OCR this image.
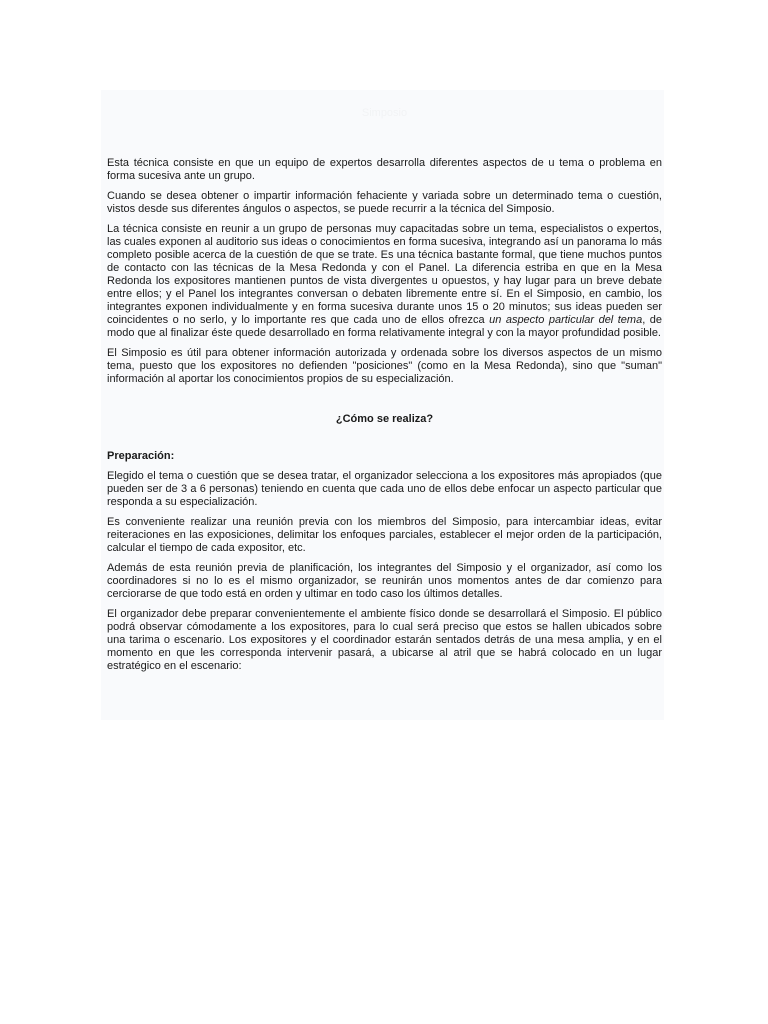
Simposio

Esta técnica consiste en que un equipo de expertos desarrolla diferentes aspectos de u tema o problema en forma sucesiva ante un grupo.

Cuando se desea obtener o impartir información fehaciente y variada sobre un determinado tema o cuestión, vistos desde sus diferentes ángulos o aspectos, se puede recurrir a la técnica del Simposio.

La técnica consiste en reunir a un grupo de personas muy capacitadas sobre un tema, especialistos o expertos, las cuales exponen al auditorio sus ideas o conocimientos en forma sucesiva, integrando así un panorama lo más completo posible acerca de la cuestión de que se trate. Es una técnica bastante formal, que tiene muchos puntos de contacto con las técnicas de la Mesa Redonda y con el Panel. La diferencia estriba en que en la Mesa Redonda los expositores mantienen puntos de vista divergentes u opuestos, y hay lugar para un breve debate entre ellos; y el Panel los integrantes conversan o debaten libremente entre sí. En el Simposio, en cambio, los integrantes exponen individualmente y en forma sucesiva durante unos 15 o 20 minutos; sus ideas pueden ser coincidentes o no serlo, y lo importante res que cada uno de ellos ofrezca un aspecto particular del tema, de modo que al finalizar éste quede desarrollado en forma relativamente integral y con la mayor profundidad posible.

El Simposio es útil para obtener información autorizada y ordenada sobre los diversos aspectos de un mismo tema, puesto que los expositores no defienden "posiciones" (como en la Mesa Redonda), sino que "suman" información al aportar los conocimientos propios de su especialización.

¿Cómo se realiza?
Preparación:

Elegido el tema o cuestión que se desea tratar, el organizador selecciona a los expositores más apropiados (que pueden ser de 3 a 6 personas) teniendo en cuenta que cada uno de ellos debe enfocar un aspecto particular que responda a su especialización.

Es conveniente realizar una reunión previa con los miembros del Simposio, para intercambiar ideas, evitar reiteraciones en las exposiciones, delimitar los enfoques parciales, establecer el mejor orden de la participación, calcular el tiempo de cada expositor, etc.

Además de esta reunión previa de planificación, los integrantes del Simposio y el organizador, así como los coordinadores si no lo es el mismo organizador, se reunirán unos momentos antes de dar comienzo para cerciorarse de que todo está en orden y ultimar en todo caso los últimos detalles.

El organizador debe preparar convenientemente el ambiente físico donde se desarrollará el Simposio. El público podrá observar cómodamente a los expositores, para lo cual será preciso que estos se hallen ubicados sobre una tarima o escenario. Los expositores y el coordinador estarán sentados detrás de una mesa amplia, y en el momento en que les corresponda intervenir pasará, a ubicarse al atril que se habrá colocado en un lugar estratégico en el escenario:
